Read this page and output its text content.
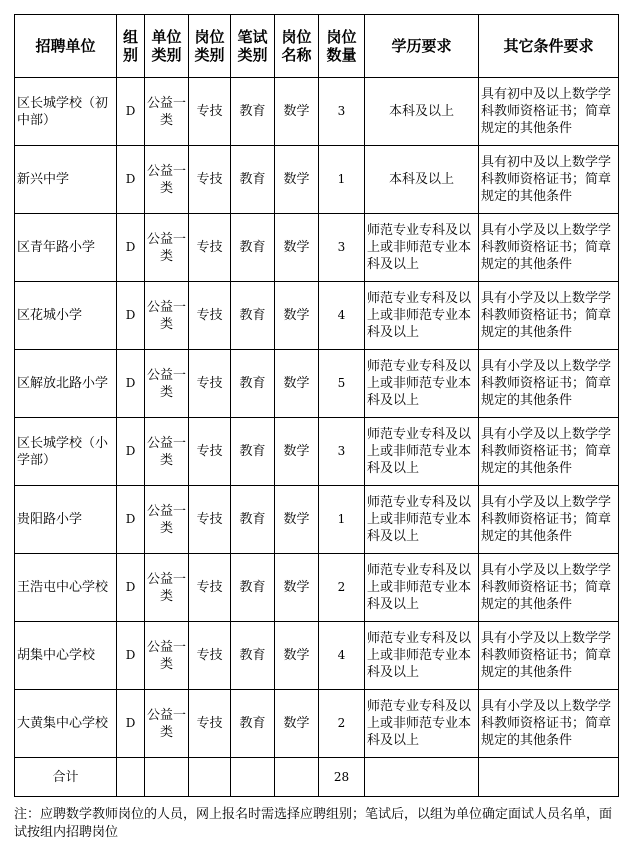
招聘单位	组别	单位类别	岗位类别	笔试类别	岗位名称	岗位数量	学历要求	其它条件要求
区长城学校（初中部）	D	公益一类	专技	教育	数学	3	本科及以上	具有初中及以上数学学科教师资格证书；简章规定的其他条件
新兴中学	D	公益一类	专技	教育	数学	1	本科及以上	具有初中及以上数学学科教师资格证书；简章规定的其他条件
区青年路小学	D	公益一类	专技	教育	数学	3	师范专业专科及以上或非师范专业本科及以上	具有小学及以上数学学科教师资格证书；简章规定的其他条件
区花城小学	D	公益一类	专技	教育	数学	4	师范专业专科及以上或非师范专业本科及以上	具有小学及以上数学学科教师资格证书；简章规定的其他条件
区解放北路小学	D	公益一类	专技	教育	数学	5	师范专业专科及以上或非师范专业本科及以上	具有小学及以上数学学科教师资格证书；简章规定的其他条件
区长城学校（小学部）	D	公益一类	专技	教育	数学	3	师范专业专科及以上或非师范专业本科及以上	具有小学及以上数学学科教师资格证书；简章规定的其他条件
贵阳路小学	D	公益一类	专技	教育	数学	1	师范专业专科及以上或非师范专业本科及以上	具有小学及以上数学学科教师资格证书；简章规定的其他条件
王浩屯中心学校	D	公益一类	专技	教育	数学	2	师范专业专科及以上或非师范专业本科及以上	具有小学及以上数学学科教师资格证书；简章规定的其他条件
胡集中心学校	D	公益一类	专技	教育	数学	4	师范专业专科及以上或非师范专业本科及以上	具有小学及以上数学学科教师资格证书；简章规定的其他条件
大黄集中心学校	D	公益一类	专技	教育	数学	2	师范专业专科及以上或非师范专业本科及以上	具有小学及以上数学学科教师资格证书；简章规定的其他条件
合计						28		
注：应聘数学教师岗位的人员，网上报名时需选择应聘组别；笔试后，以组为单位确定面试人员名单，面试按组内招聘岗位
